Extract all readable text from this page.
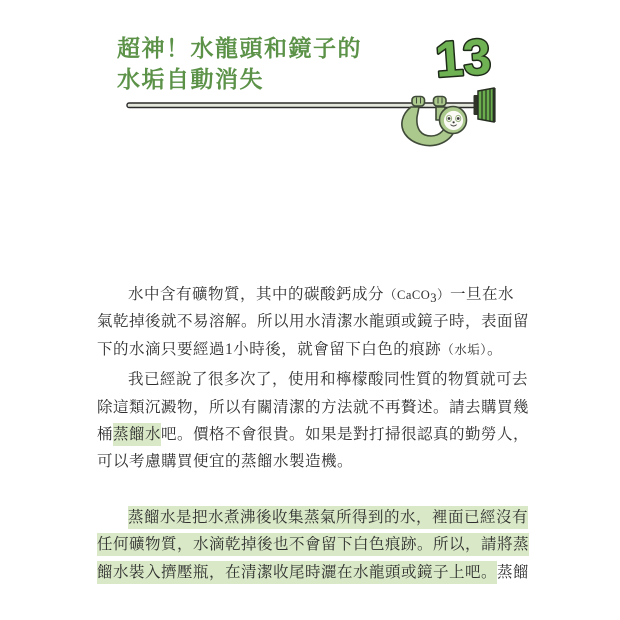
超神！水龍頭和鏡子的
水垢自動消失	13
水中含有礦物質，其中的碳酸鈣成分（CaCO$_3$）一旦在水
氣乾掉後就不易溶解。所以用水清潔水龍頭或鏡子時，表面留
下的水滴只要經過1小時後，就會留下白色的痕跡（水垢）。
我已經說了很多次了，使用和檸檬酸同性質的物質就可去
除這類沉澱物，所以有關清潔的方法就不再贅述。請去購買幾
桶蒸餾水吧。價格不會很貴。如果是對打掃很認真的勤勞人，
可以考慮購買便宜的蒸餾水製造機。
蒸餾水是把水煮沸後收集蒸氣所得到的水，裡面已經沒有
任何礦物質，水滴乾掉後也不會留下白色痕跡。所以，請將蒸
餾水裝入擠壓瓶，在清潔收尾時灑在水龍頭或鏡子上吧。蒸餾
